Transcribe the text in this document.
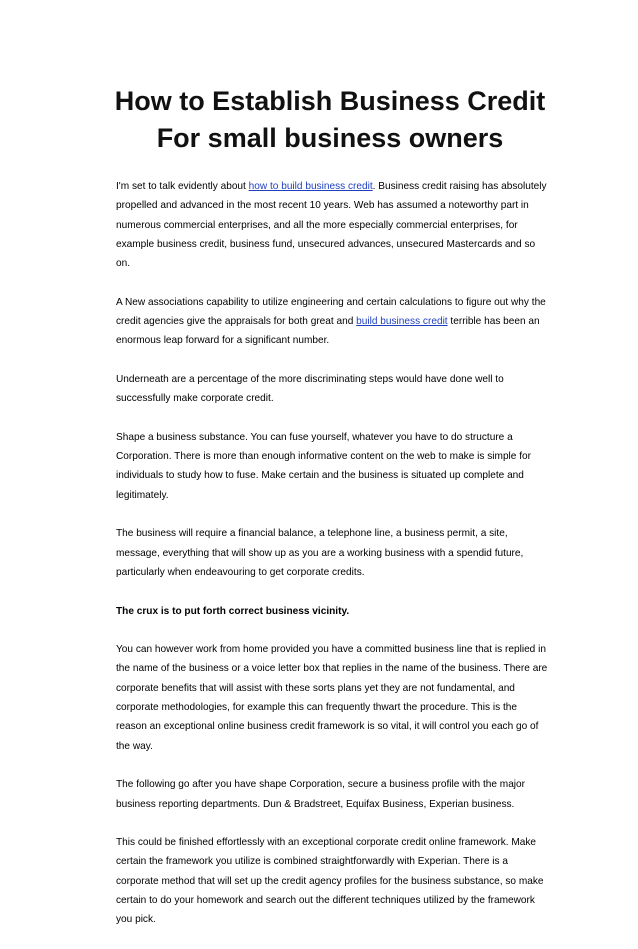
How to Establish Business Credit
For small business owners

I'm set to talk evidently about how to build business credit. Business credit raising has absolutely propelled and advanced in the most recent 10 years. Web has assumed a noteworthy part in numerous commercial enterprises, and all the more especially commercial enterprises, for example business credit, business fund, unsecured advances, unsecured Mastercards and so on.

A New associations capability to utilize engineering and certain calculations to figure out why the credit agencies give the appraisals for both great and build business credit terrible has been an enormous leap forward for a significant number.

Underneath are a percentage of the more discriminating steps would have done well to successfully make corporate credit.

Shape a business substance. You can fuse yourself, whatever you have to do structure a Corporation. There is more than enough informative content on the web to make is simple for individuals to study how to fuse. Make certain and the business is situated up complete and legitimately.

The business will require a financial balance, a telephone line, a business permit, a site, message, everything that will show up as you are a working business with a spendid future, particularly when endeavouring to get corporate credits.

The crux is to put forth correct business vicinity.

You can however work from home provided you have a committed business line that is replied in the name of the business or a voice letter box that replies in the name of the business. There are corporate benefits that will assist with these sorts plans yet they are not fundamental, and corporate methodologies, for example this can frequently thwart the procedure. This is the reason an exceptional online business credit framework is so vital, it will control you each go of the way.

The following go after you have shape Corporation, secure a business profile with the major business reporting departments. Dun & Bradstreet, Equifax Business, Experian business.

This could be finished effortlessly with an exceptional corporate credit online framework. Make certain the framework you utilize is combined straightforwardly with Experian. There is a corporate method that will set up the credit agency profiles for the business substance, so make certain to do your homework and search out the different techniques utilized by the framework you pick.
